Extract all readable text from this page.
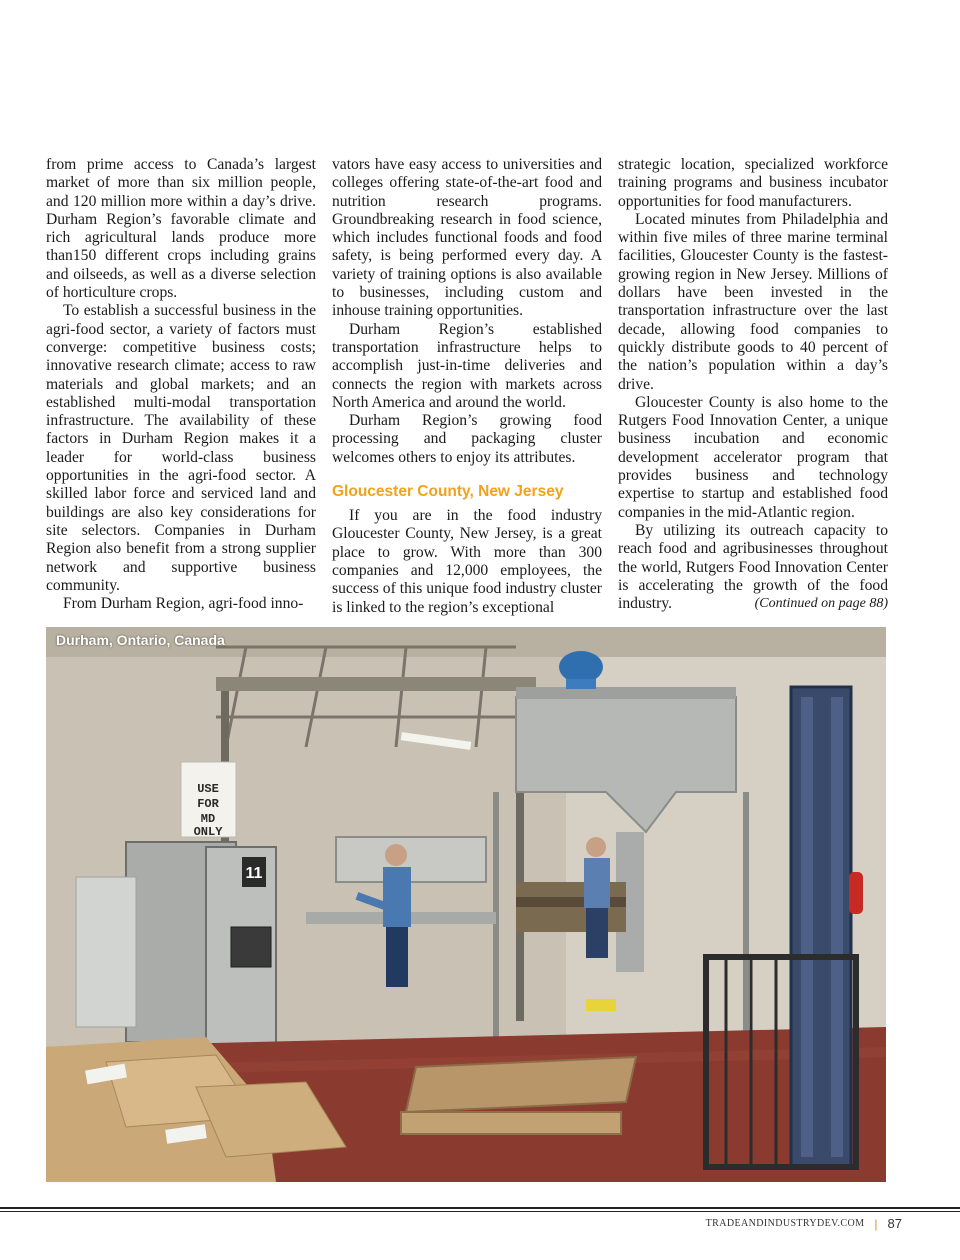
from prime access to Canada’s largest market of more than six million people, and 120 million more within a day’s drive. Durham Region’s favorable climate and rich agricultural lands produce more than150 different crops including grains and oilseeds, as well as a diverse selection of horticulture crops.

To establish a successful business in the agri-food sector, a variety of factors must converge: competitive business costs; innovative research climate; access to raw materials and global markets; and an established multi-modal transportation infrastructure. The availability of these factors in Durham Region makes it a leader for world-class business opportunities in the agri-food sector. A skilled labor force and serviced land and buildings are also key considerations for site selectors. Companies in Durham Region also benefit from a strong supplier network and supportive business community.

From Durham Region, agri-food inno-

vators have easy access to universities and colleges offering state-of-the-art food and nutrition research programs. Groundbreaking research in food science, which includes functional foods and food safety, is being performed every day. A variety of training options is also available to businesses, including custom and inhouse training opportunities.

Durham Region’s established transportation infrastructure helps to accomplish just-in-time deliveries and connects the region with markets across North America and around the world.

Durham Region’s growing food processing and packaging cluster welcomes others to enjoy its attributes.

Gloucester County, New Jersey

If you are in the food industry Gloucester County, New Jersey, is a great place to grow. With more than 300 companies and 12,000 employees, the success of this unique food industry cluster is linked to the region’s exceptional

strategic location, specialized workforce training programs and business incubator opportunities for food manufacturers.

Located minutes from Philadelphia and within five miles of three marine terminal facilities, Gloucester County is the fastest-growing region in New Jersey. Millions of dollars have been invested in the transportation infrastructure over the last decade, allowing food companies to quickly distribute goods to 40 percent of the nation’s population within a day’s drive.

Gloucester County is also home to the Rutgers Food Innovation Center, a unique business incubation and economic development accelerator program that provides business and technology expertise to startup and established food companies in the mid-Atlantic region.

By utilizing its outreach capacity to reach food and agribusinesses throughout the world, Rutgers Food Innovation Center is accelerating the growth of the food industry.	(Continued on page 88)

11
USE
FOR
MD
ONLY
Durham, Ontario, Canada
TRADEANDINDUSTRYDEV.COM | 87
